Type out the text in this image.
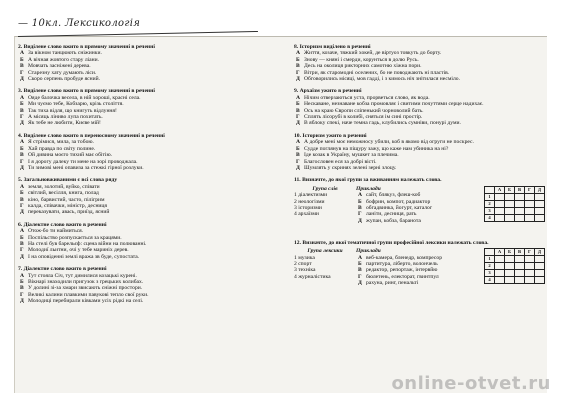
— 10кл. Лексикологія
2. Виділене слово вжито в прямому значенні в реченні
А За вікном танцюють сніжинки.
Б А вічная жовтого стару ліани.
В Мовчать засніжені дерева.
Г Старезну хату думають ліси.
Д Скоро серпень пробуде ясний.
3. Виділене слово вжито в прямому значенні в реченні
А Ояде балочка весела, в ній хороші, красні села.
Б Ми чуємо тебе, Кобзарю, крізь століття.
В Так тиха відля, що книгуть відлуння!
Г А місяць ліниво лупа похитать.
Д Як тебе не любити, Києве мій!
4. Виділене слово вжито в переносному значенні в реченні
А Я стрімися, мила, за тобою.
Б Хай правда по світу полине.
В Ой дивина моєго тихий має обітію.
Г І я дорогу далеку ти мене на зорі проводжала.
Д Ти зимові мені опавиза за стежкі гірної розлуки.
5. Загальновживаними є всі слова ряду
А земля, золотий, вуйко, співати
Б світлий, весілля, книга, полад
В кіно, барвистий, часто, пілігрим
Г калда, співачки, міністр, десниця
Д переказувати, авась, приїзд, ясний
6. Діалектне слово вжито в реченні
А Отож-бо ти наймиться.
Б Поспільство розпускається за крацями.
В На стелі був барельєф: сцена війни на полюванні.
Г Молодиї льитни, очі у тебе мариніх дерев.
Д І на оповіденні землі вража зв буде, супостата.
7. Діалектне слово вжито в реченні
А Тут стояла Січ, тут димилися козацькі курені.
Б Вікнарі знаходили пригузок з грецьких колибах.
В У долині зі-за хмари звисають сніжні простори.
Г Великі калини плавкими павукові тепло свої руки.
Д Молодиці перебирали ківками усіх рідкі на селі.
8. Історизм виділено в реченні
А Життя, козаче, тяжкий хокей, де віртуоз товкуть до борту.
Б Знову — княні і смерди, корунться в долю Русь.
В Десь на околиця рикторних самотню хіжна пори.
Г Вітри, як старомодні оселених, бо не поводжають ні пластів.
Д Обговорились місяці, мов гадді, і з кимось ніч знітилася несміло.
9. Архаїзм ужито в реченні
А Нічим отверзаються уста, прорветься слово, як вода.
Б Нескаване, незнаване кобза промовляє і свитими почуттями серце надихає.
В Ось на краю Європи сліпенький чорноволий бать.
Г Сплять лісорубі в колибі, сняться ім сині простір.
Д В яблоку спекі, наче темна гадь, клубились сумніви, понурі думи.
10. Історизм ужито в реченні
А А добре мені моє неможносу убили, коб в якомо від огруги не поскрес.
Б Судде поглянув на піщуру зажу, що каже нам убиника на ні?
В Іде козак в Україну, мушкет за плечима.
Г Благословен еся за добрі вісті.
Д Шумлять у скринях зелені зерні злоцу.
11. Визначте, до якої групи за вживанням належать слова.
Група слів
1 діалектизми
2 неологізми
3 історизми
4 архаїзми
Приклади
А сайт, блякуз, флеш-коб
Б бофрин, компот, радиактор
В обгадвинка, йогурт, каталог
Г ланiти, десниця, рать
Д жупан, кобза, баранота
	А	Б	В	Г	Д
1					
2					
3					
4					
12. Визначте, до якої тематичної групи професійної лексики належать слова.
Група лексики
1 музика
2 спорт
3 техніка
4 журналістика
Приклади
А веб-камера, бленедр, компресор
Б партитура, ліберто, волончель
В редактор, репортаж, інтервйю
Г бюлетень, електорат, гвинтпул
Д рахуна, ринг, пенальті
	А	Б	В	Г	Д
1					
2					
3					
4					
online-otvet.ru
